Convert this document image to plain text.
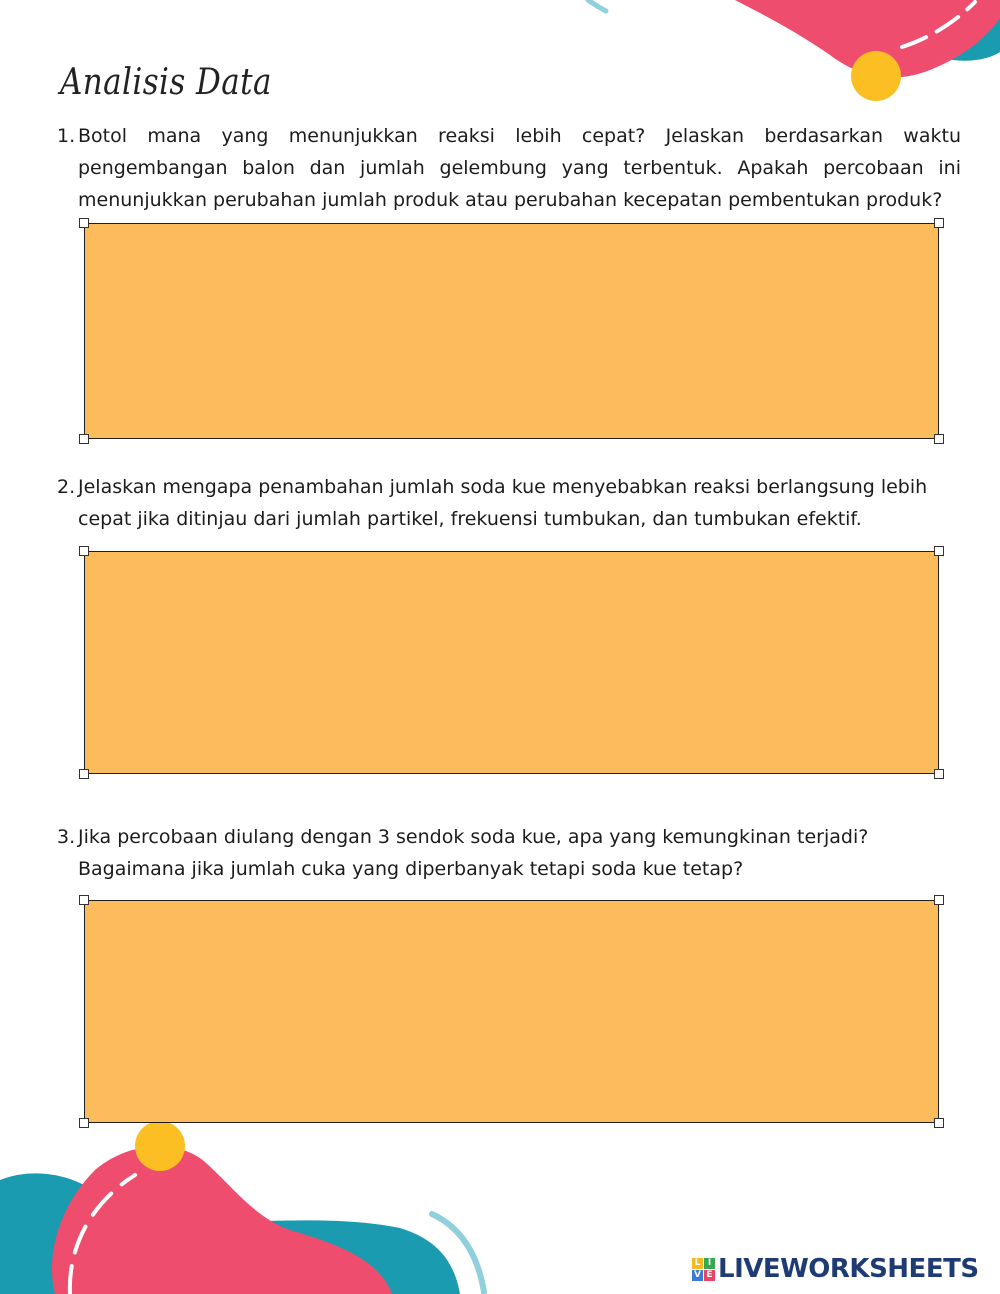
Analisis Data
1. Botol mana yang menunjukkan reaksi lebih cepat? Jelaskan berdasarkan waktu
pengembangan balon dan jumlah gelembung yang terbentuk. Apakah percobaan ini
menunjukkan perubahan jumlah produk atau perubahan kecepatan pembentukan produk?
2. Jelaskan mengapa penambahan jumlah soda kue menyebabkan reaksi berlangsung lebih
cepat jika ditinjau dari jumlah partikel, frekuensi tumbukan, dan tumbukan efektif.
3. Jika percobaan diulang dengan 3 sendok soda kue, apa yang kemungkinan terjadi?
Bagaimana jika jumlah cuka yang diperbanyak tetapi soda kue tetap?
L I
V E LIVEWORKSHEETS
